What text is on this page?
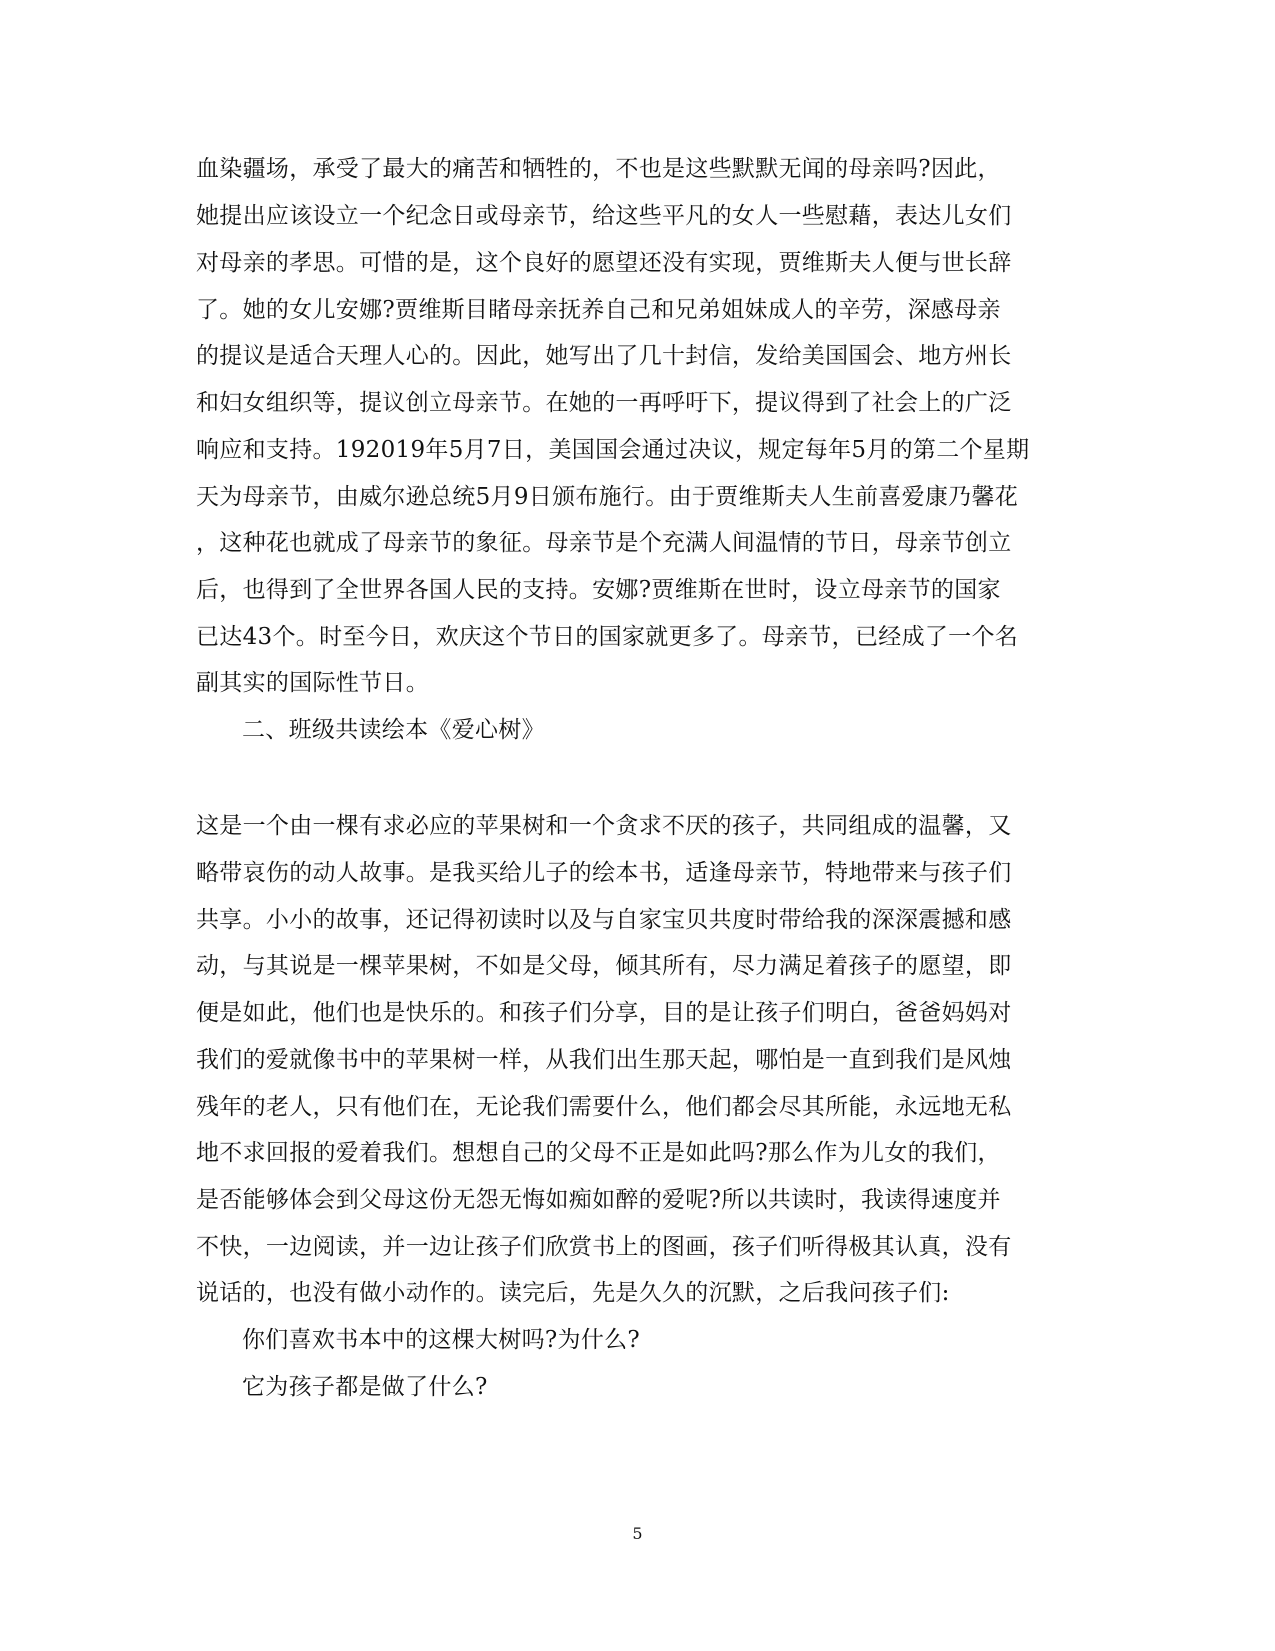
血染疆场，承受了最大的痛苦和牺牲的，不也是这些默默无闻的母亲吗?因此，
她提出应该设立一个纪念日或母亲节，给这些平凡的女人一些慰藉，表达儿女们
对母亲的孝思。可惜的是，这个良好的愿望还没有实现，贾维斯夫人便与世长辞
了。她的女儿安娜?贾维斯目睹母亲抚养自己和兄弟姐妹成人的辛劳，深感母亲
的提议是适合天理人心的。因此，她写出了几十封信，发给美国国会、地方州长
和妇女组织等，提议创立母亲节。在她的一再呼吁下，提议得到了社会上的广泛
响应和支持。192019年5月7日，美国国会通过决议，规定每年5月的第二个星期
天为母亲节，由威尔逊总统5月9日颁布施行。由于贾维斯夫人生前喜爱康乃馨花
，这种花也就成了母亲节的象征。母亲节是个充满人间温情的节日，母亲节创立
后，也得到了全世界各国人民的支持。安娜?贾维斯在世时，设立母亲节的国家
已达43个。时至今日，欢庆这个节日的国家就更多了。母亲节，已经成了一个名
副其实的国际性节日。
二、班级共读绘本《爱心树》
这是一个由一棵有求必应的苹果树和一个贪求不厌的孩子，共同组成的温馨，又
略带哀伤的动人故事。是我买给儿子的绘本书，适逢母亲节，特地带来与孩子们
共享。小小的故事，还记得初读时以及与自家宝贝共度时带给我的深深震撼和感
动，与其说是一棵苹果树，不如是父母，倾其所有，尽力满足着孩子的愿望，即
便是如此，他们也是快乐的。和孩子们分享，目的是让孩子们明白，爸爸妈妈对
我们的爱就像书中的苹果树一样，从我们出生那天起，哪怕是一直到我们是风烛
残年的老人，只有他们在，无论我们需要什么，他们都会尽其所能，永远地无私
地不求回报的爱着我们。想想自己的父母不正是如此吗?那么作为儿女的我们，
是否能够体会到父母这份无怨无悔如痴如醉的爱呢?所以共读时，我读得速度并
不快，一边阅读，并一边让孩子们欣赏书上的图画，孩子们听得极其认真，没有
说话的，也没有做小动作的。读完后，先是久久的沉默，之后我问孩子们:
你们喜欢书本中的这棵大树吗?为什么?
它为孩子都是做了什么?
5
